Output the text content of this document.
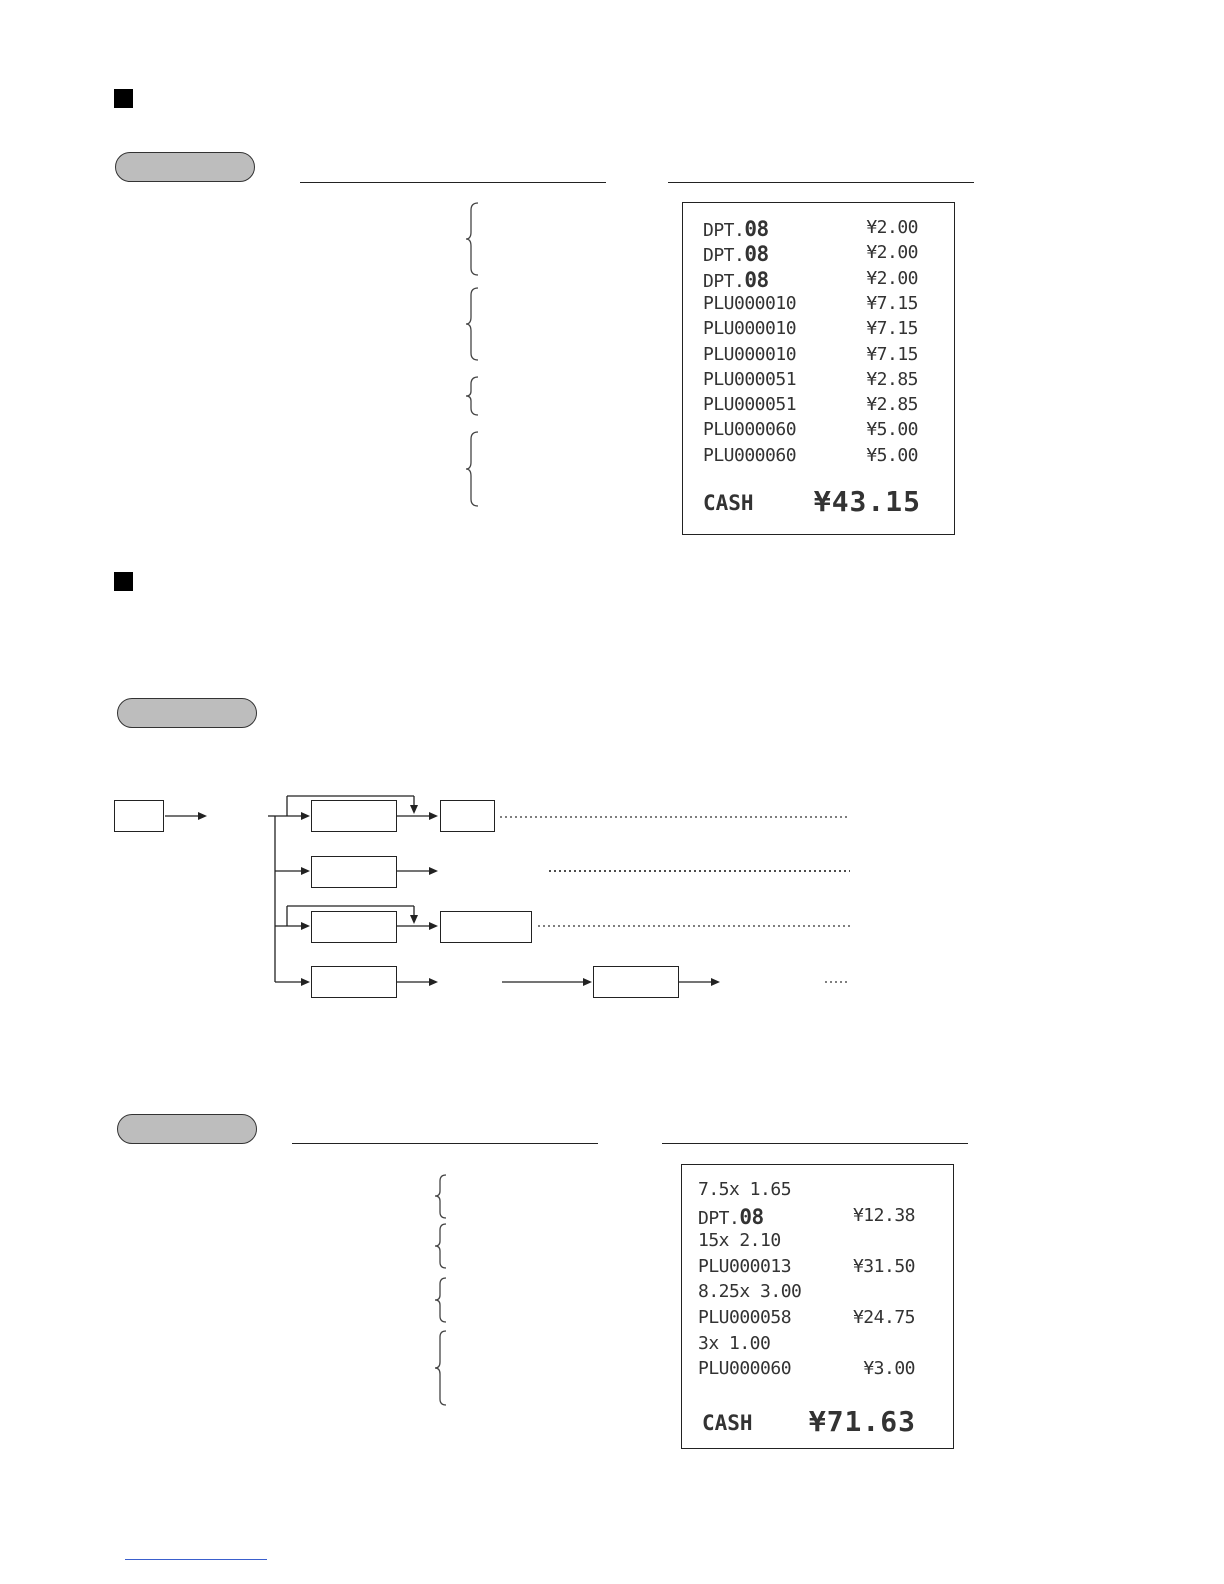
DPT.08	¥2.00
DPT.08	¥2.00
DPT.08	¥2.00
PLU000010	¥7.15
PLU000010	¥7.15
PLU000010	¥7.15
PLU000051	¥2.85
PLU000051	¥2.85
PLU000060	¥5.00
PLU000060	¥5.00
CASH	¥43.15
7.5x 1.65
DPT.08	¥12.38
15x 2.10
PLU000013	¥31.50
8.25x 3.00
PLU000058	¥24.75
3x 1.00
PLU000060	¥3.00
CASH	¥71.63
